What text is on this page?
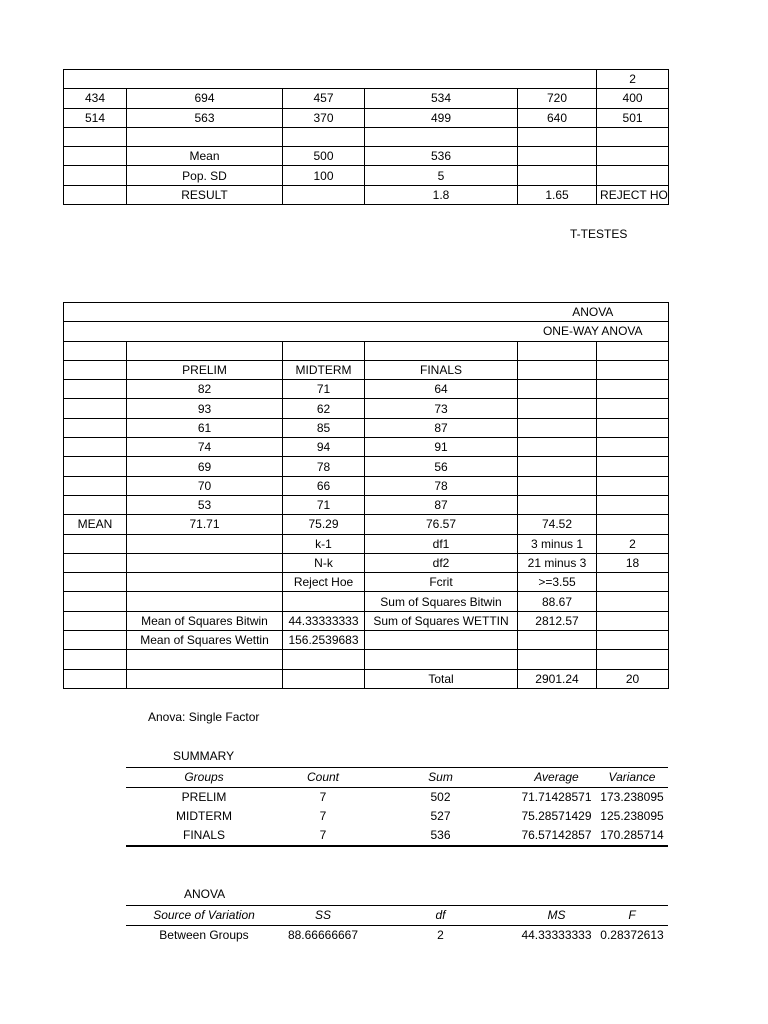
					2
434	694	457	534	720	400
514	563	370	499	640	501

	Mean	500	536		
	Pop. SD	100	5		
	RESULT		1.8	1.65	REJECT HO
T-TESTES
				ANOVA	
				ONE-WAY ANOVA	

	PRELIM	MIDTERM	FINALS		
	82	71	64		
	93	62	73		
	61	85	87		
	74	94	91		
	69	78	56		
	70	66	78		
	53	71	87		
MEAN	71.71	75.29	76.57	74.52	
		k-1	df1	3 minus 1	2
		N-k	df2	21 minus 3	18
		Reject Hoe	Fcrit	>=3.55	
			Sum of Squares Bitwin	88.67	
	Mean of Squares Bitwin	44.33333333	Sum of Squares WETTIN	2812.57	
	Mean of Squares Wettin	156.2539683			

			Total	2901.24	20
Anova: Single Factor
SUMMARY
Groups	Count	Sum	Average	Variance
PRELIM	7	502	71.71428571	173.238095
MIDTERM	7	527	75.28571429	125.238095
FINALS	7	536	76.57142857	170.285714
ANOVA
Source of Variation	SS	df	MS	F
Between Groups	88.66666667	2	44.33333333	0.28372613
